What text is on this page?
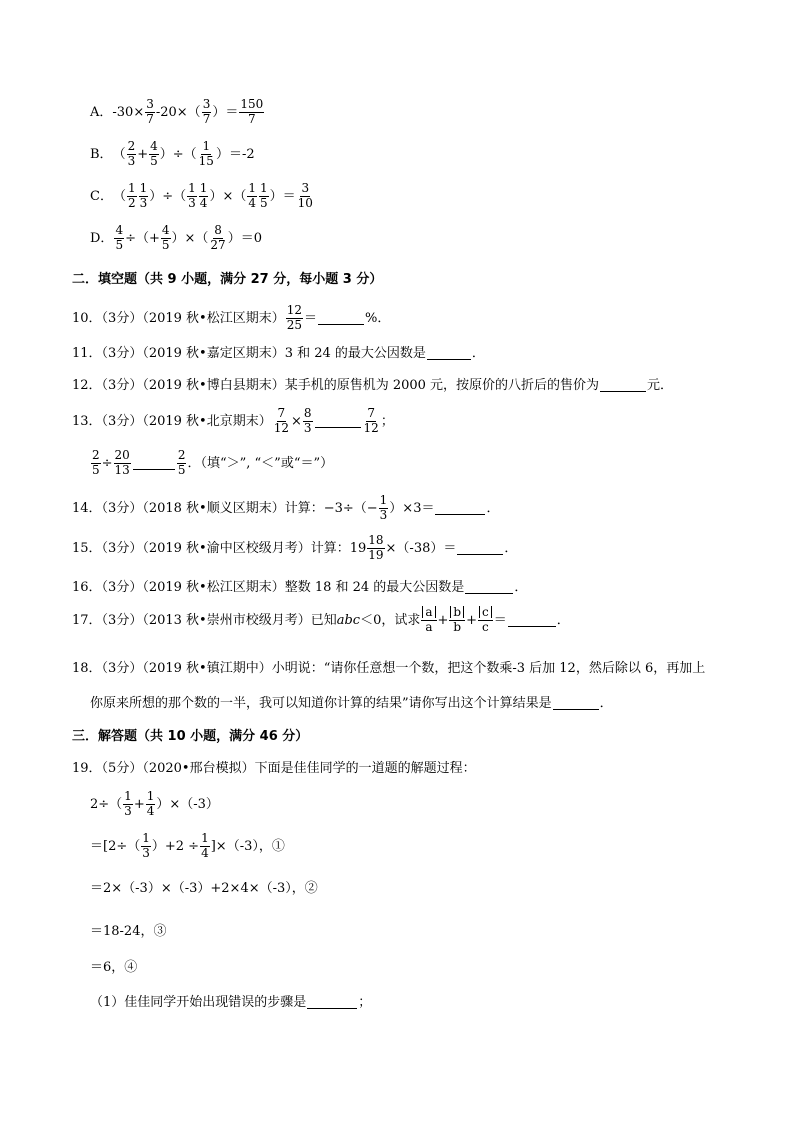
A． $-30\times \frac{3}{7} -20\times( \frac{3}{7}$ ）＝ $\frac{150}{7}$
B． （ $\frac{2}{3} + \frac{4}{5}$ ）÷（ $\frac{1}{15} )=-2$
C． （ $\frac{1}{2} \frac{1}{3}$ ）÷（ $\frac{1}{3} \frac{1}{4}$ ）×（ $\frac{1}{4} \frac{1}{5}$ ）＝ $\frac{3}{10}$
D． $\frac{4}{5}$ ÷（+ $\frac{4}{5}$ ）×（ $\frac{8}{27} )=0$
二．填空题（共 9 小题，满分 27 分，每小题 3 分）
10．（3分）（2019 秋•松江区期末） $\frac{12}{25}$ ＝	%．
11．（3分）（2019 秋•嘉定区期末）3 和 24 的最大公因数是	．
12．（3分）（2019 秋•博白县期末）某手机的原售机为 2000 元，按原价的八折后的售价为	元．
13．（3分）（2019 秋•北京期末） $\frac{7}{12} \times \frac{8}{3}$	$\frac{7}{12}$ ；
$\frac{2}{5} \div \frac{20}{13}$	$\frac{2}{5}$ ．（填“＞”, “＜”或“＝”）
14．（3分）（2018 秋•顺义区期末）计算：$-3\div(- \frac{1}{3} )\times 3=$	．
15．（3分）（2019 秋•渝中区校级月考）计算：$19 \frac{18}{19} \times(-38)=$	．
16．（3分）（2019 秋•松江区期末）整数 18 和 24 的最大公因数是	．
17．（3分）（2013 秋•崇州市校级月考）已知 abc ＜0，试求 $\frac{a}{a} + \frac{b}{b} + \frac{c}{c}$ ＝	．
18．（3分）（2019 秋•镇江期中）小明说：“请你任意想一个数，把这个数乘-3 后加 12，然后除以 6，再加上
你原来所想的那个数的一半，我可以知道你计算的结果”请你写出这个计算结果是	．
三．解答题（共 10 小题，满分 46 分）
19．（5分）（2020•邢台模拟）下面是佳佳同学的一道题的解题过程：
$2\div( \frac{1}{3} + \frac{1}{4} )\times(-3)$
$=[2\div( \frac{1}{3} )+2 \div \frac{1}{4} ]\times(-3)$，①
＝2×（-3）×（-3）+2×4×（-3），②
＝18-24，③
＝6，④
（1）佳佳同学开始出现错误的步骤是	；
